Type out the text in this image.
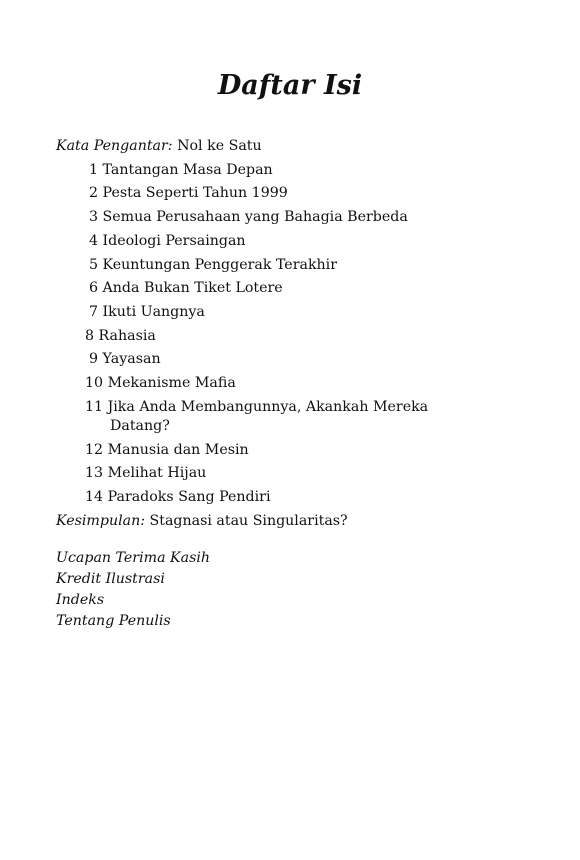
Daftar Isi
Kata Pengantar: Nol ke Satu
1 Tantangan Masa Depan
2 Pesta Seperti Tahun 1999
3 Semua Perusahaan yang Bahagia Berbeda
4 Ideologi Persaingan
5 Keuntungan Penggerak Terakhir
6 Anda Bukan Tiket Lotere
7 Ikuti Uangnya
8 Rahasia
9 Yayasan
10 Mekanisme Mafia
11 Jika Anda Membangunnya, Akankah Mereka
Datang?
12 Manusia dan Mesin
13 Melihat Hijau
14 Paradoks Sang Pendiri
Kesimpulan: Stagnasi atau Singularitas?
Ucapan Terima Kasih
Kredit Ilustrasi
Indeks
Tentang Penulis
